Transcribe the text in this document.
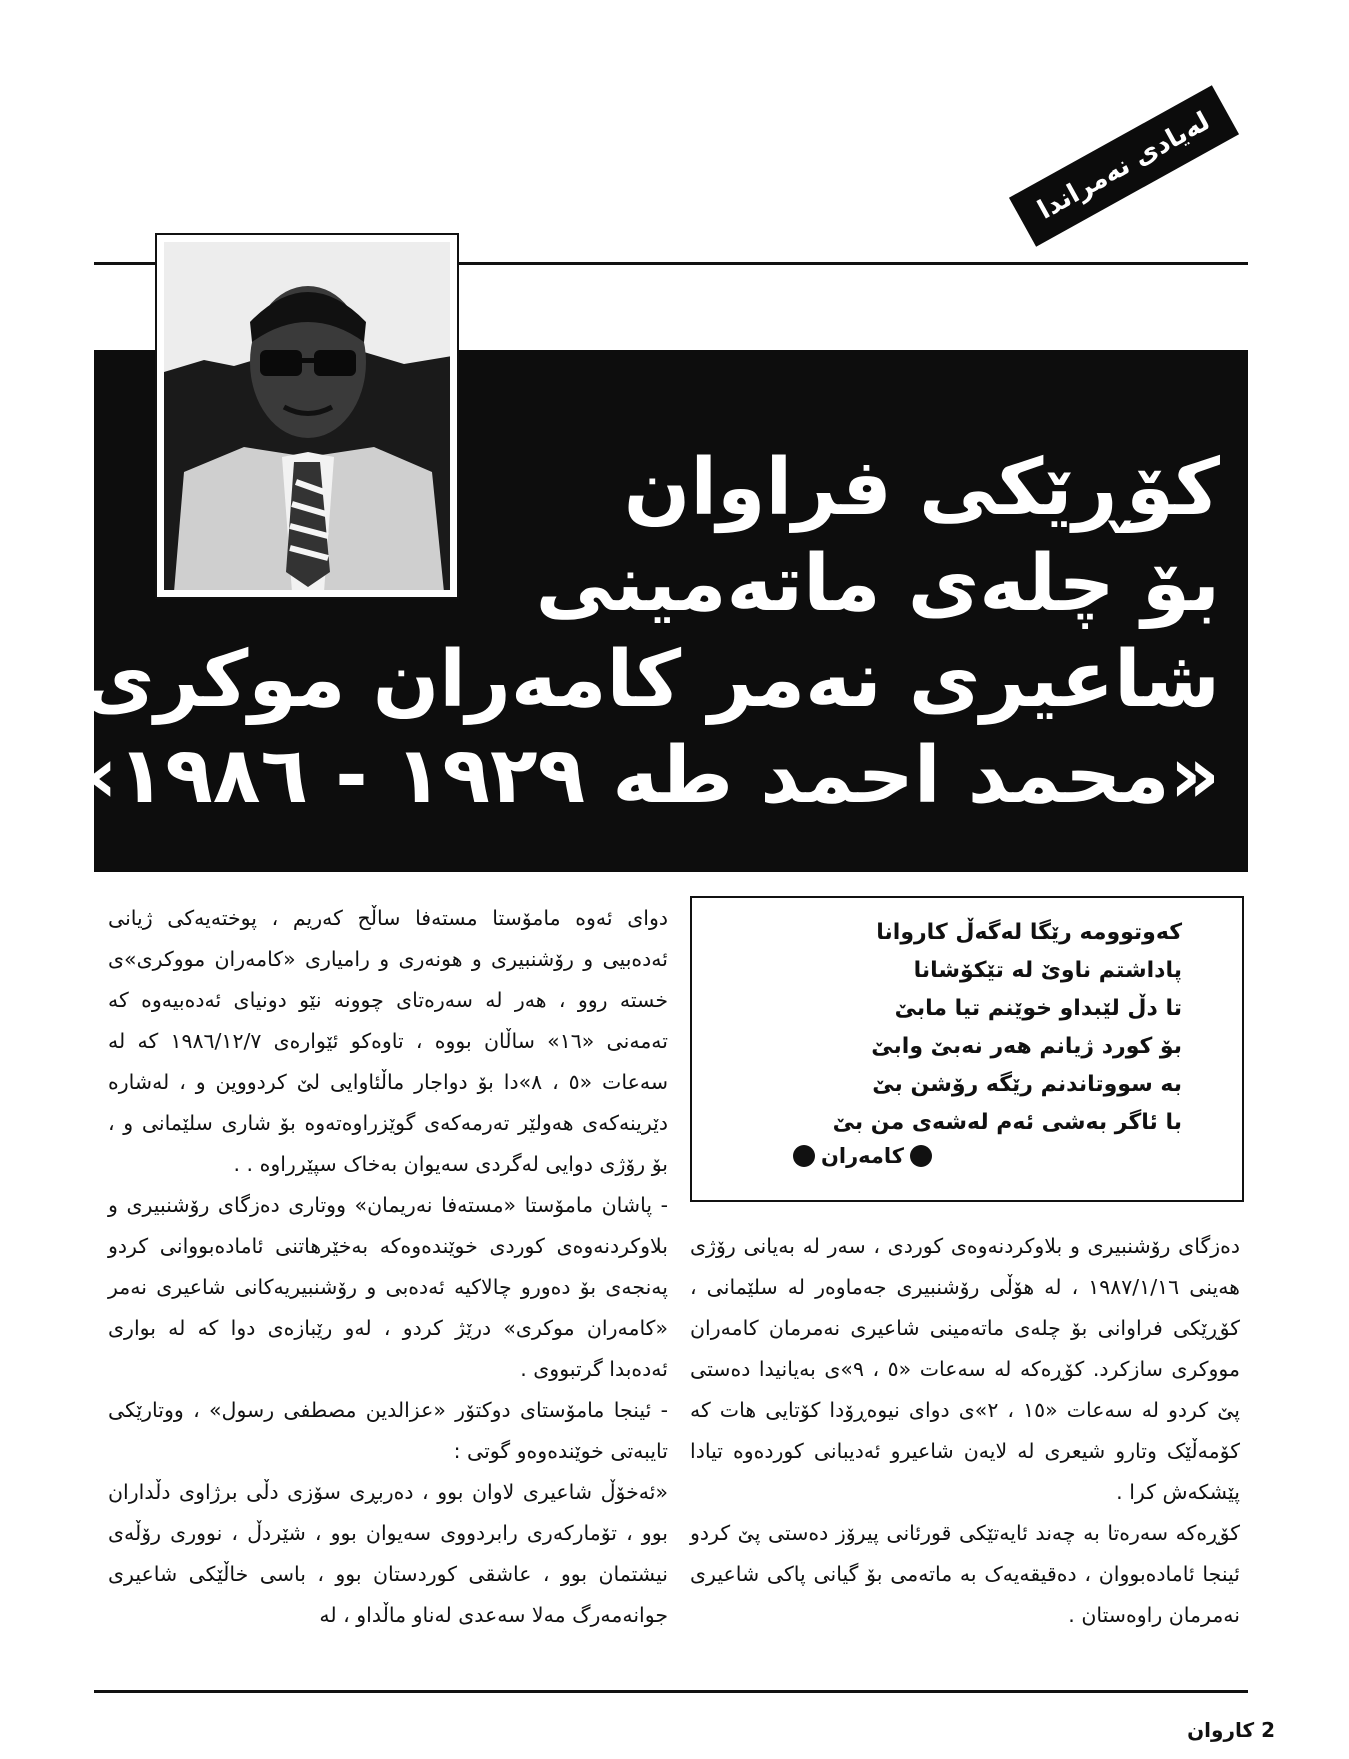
لەیادی نەمراندا
کۆڕێکی فراوان
بۆ چلەی ماتەمینی
شاعیری نەمر کامەران موکری
«محمد احمد طه ١٩٢٩ - ١٩٨٦»
کەوتوومە رێگا لەگەڵ کاروانا
پاداشتم ناوێ لە تێکۆشانا
تا دڵ لێبداو خوێنم تیا مابێ
بۆ کورد ژیانم هەر نەبێ وابێ
بە سووتاندنم رێگە رۆشن بێ
با ئاگر بەشی ئەم لەشەی من بێ
کامەران

دوای ئەوە مامۆستا مستەفا ساڵح کەریم ، پوختەیەکی ژیانی ئەدەبیی و رۆشنبیری و هونەری و رامیاری «کامەران مووکری»ی خستە روو ، هەر لە سەرەتای چوونە نێو دونیای ئەدەبیەوە کە تەمەنی «١٦» ساڵان بووە ، تاوەکو ئێوارەی ١٩٨٦/١٢/٧ کە لە سەعات «٥ ، ٨»دا بۆ دواجار ماڵئاوایی لێ کردووین و ، لەشارە دێرینەکەی هەولێر تەرمەکەی گوێزراوەتەوە بۆ شاری سلێمانی و ، بۆ رۆژی دوایی لەگردی سەیوان بەخاک سپێرراوە . .

- پاشان مامۆستا «مستەفا نەریمان» ووتاری دەزگای رۆشنبیری و بلاوکردنەوەی کوردی خوێندەوەکە بەخێرهاتنی ئامادەبووانی کردو پەنجەی بۆ دەورو چالاکیە ئەدەبی و رۆشنبیریەکانی شاعیری نەمر «کامەران موکری» درێژ کردو ، لەو رێبازەی دوا کە لە بواری ئەدەبدا گرتبووی .

- ئینجا مامۆستای دوکتۆر «عزالدین مصطفی رسول» ، ووتارێکی تایبەتی خوێندەوەو گوتی :

«ئەخۆڵ شاعیری لاوان بوو ، دەربڕی سۆزی دڵی برژاوی دڵداران بوو ، تۆمارکەری رابردووی سەیوان بوو ، شێردڵ ، نووری رۆڵەی نیشتمان بوو ، عاشقی کوردستان بوو ، باسی خاڵێکی شاعیری جوانەمەرگ مەلا سەعدی لەناو ماڵداو ، لە

دەزگای رۆشنبیری و بلاوکردنەوەی کوردی ، سەر لە بەیانی رۆژی هەینی ١٩٨٧/١/١٦ ، لە هۆڵی رۆشنبیری جەماوەر لە سلێمانی ، کۆڕێکی فراوانی بۆ چلەی ماتەمینی شاعیری نەمرمان کامەران مووکری سازکرد. کۆڕەکە لە سەعات «٥ ، ٩»ی بەیانیدا دەستی پێ کردو لە سەعات «١٥ ، ٢»ی دوای نیوەڕۆدا کۆتایی هات کە کۆمەڵێک وتارو شیعری لە لایەن شاعیرو ئەدیبانی کوردەوە تیادا پێشکەش کرا .

کۆڕەکە سەرەتا بە چەند ئایەتێکی قورئانی پیرۆز دەستی پێ کردو ئینجا ئامادەبووان ، دەقیقەیەک بە ماتەمی بۆ گیانی پاکی شاعیری نەمرمان راوەستان .

2 کاروان
